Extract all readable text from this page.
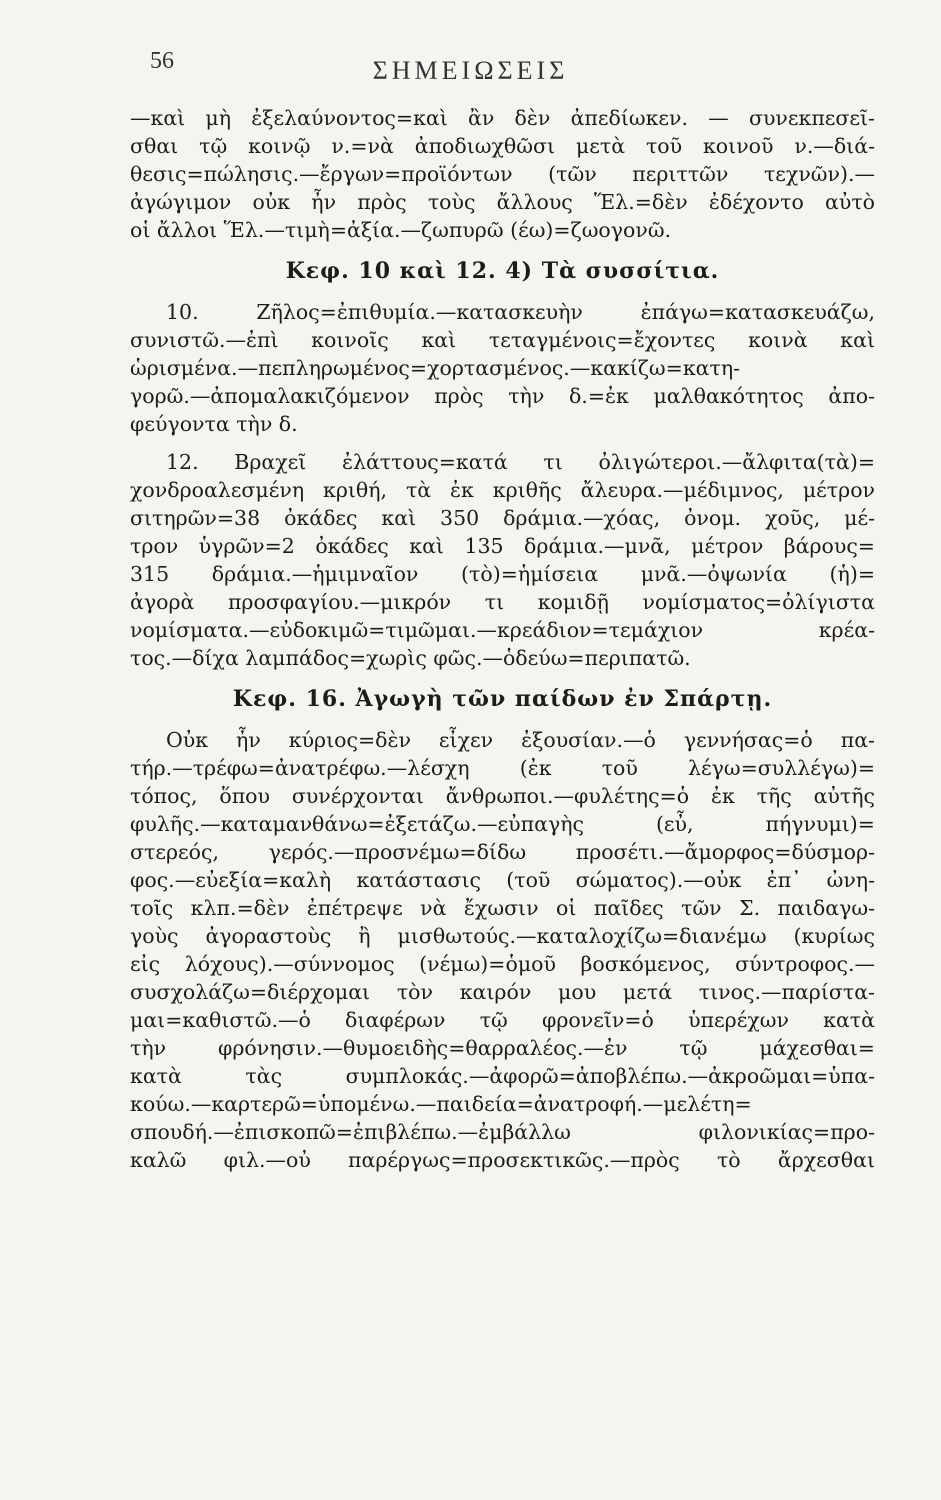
56	ΣΗΜΕΙΩΣΕΙΣ
—καὶ μὴ ἐξελαύνοντος=καὶ ἂν δὲν ἀπεδίωκεν. — συνεκπεσεῖ-
σθαι τῷ κοινῷ ν.=νὰ ἀποδιωχθῶσι μετὰ τοῦ κοινοῦ ν.—διά-
θεσις=πώλησις.—ἔργων=προϊόντων (τῶν περιττῶν τεχνῶν).—
ἀγώγιμον οὐκ ἦν πρὸς τοὺς ἄλλους Ἕλ.=δὲν ἐδέχοντο αὐτὸ
οἱ ἄλλοι Ἕλ.—τιμὴ=ἀξία.—ζωπυρῶ (έω)=ζωογονῶ.
Κεφ. 10 καὶ 12. 4) Τὰ συσσίτια.
10. Ζῆλος=ἐπιθυμία.—κατασκευὴν ἐπάγω=κατασκευάζω,
συνιστῶ.—ἐπὶ κοινοῖς καὶ τεταγμένοις=ἔχοντες κοινὰ καὶ
ὡρισμένα.—πεπληρωμένος=χορτασμένος.—κακίζω=κατη-
γορῶ.—ἀπομαλακιζόμενον πρὸς τὴν δ.=ἐκ μαλθακότητος ἀπο-
φεύγοντα τὴν δ.
12. Βραχεῖ ἐλάττους=κατά τι ὀλιγώτεροι.—ἄλφιτα(τὰ)=
χονδροαλεσμένη κριθή, τὰ ἐκ κριθῆς ἄλευρα.—μέδιμνος, μέτρον
σιτηρῶν=38 ὀκάδες καὶ 350 δράμια.—χόας, ὀνομ. χοῦς, μέ-
τρον ὑγρῶν=2 ὀκάδες καὶ 135 δράμια.—μνᾶ, μέτρον βάρους=
315 δράμια.—ἡμιμναῖον (τὸ)=ἡμίσεια μνᾶ.—ὀψωνία (ἡ)=
ἀγορὰ προσφαγίου.—μικρόν τι κομιδῇ νομίσματος=ὀλίγιστα
νομίσματα.—εὐδοκιμῶ=τιμῶμαι.—κρεάδιον=τεμάχιον κρέα-
τος.—δίχα λαμπάδος=χωρὶς φῶς.—ὁδεύω=περιπατῶ.
Κεφ. 16. Ἀγωγὴ τῶν παίδων ἐν Σπάρτῃ.
Οὐκ ἦν κύριος=δὲν εἶχεν ἐξουσίαν.—ὁ γεννήσας=ὁ πα-
τήρ.—τρέφω=ἀνατρέφω.—λέσχη (ἐκ τοῦ λέγω=συλλέγω)=
τόπος, ὅπου συνέρχονται ἄνθρωποι.—φυλέτης=ὁ ἐκ τῆς αὐτῆς
φυλῆς.—καταμανθάνω=ἐξετάζω.—εὐπαγὴς (εὖ, πήγνυμι)=
στερεός, γερός.—προσνέμω=δίδω προσέτι.—ἄμορφος=δύσμορ-
φος.—εὐεξία=καλὴ κατάστασις (τοῦ σώματος).—οὐκ ἐπ᾽ ὠνη-
τοῖς κλπ.=δὲν ἐπέτρεψε νὰ ἔχωσιν οἱ παῖδες τῶν Σ. παιδαγω-
γοὺς ἀγοραστοὺς ἢ μισθωτούς.—καταλοχίζω=διανέμω (κυρίως
εἰς λόχους).—σύννομος (νέμω)=ὁμοῦ βοσκόμενος, σύντροφος.—
συσχολάζω=διέρχομαι τὸν καιρόν μου μετά τινος.—παρίστα-
μαι=καθιστῶ.—ὁ διαφέρων τῷ φρονεῖν=ὁ ὑπερέχων κατὰ
τὴν φρόνησιν.—θυμοειδὴς=θαρραλέος.—ἐν τῷ μάχεσθαι=
κατὰ τὰς συμπλοκάς.—ἀφορῶ=ἀποβλέπω.—ἀκροῶμαι=ὑπα-
κούω.—καρτερῶ=ὑπομένω.—παιδεία=ἀνατροφή.—μελέτη=
σπουδή.—ἐπισκοπῶ=ἐπιβλέπω.—ἐμβάλλω φιλονικίας=προ-
καλῶ φιλ.—οὐ παρέργως=προσεκτικῶς.—πρὸς τὸ ἄρχεσθαι
